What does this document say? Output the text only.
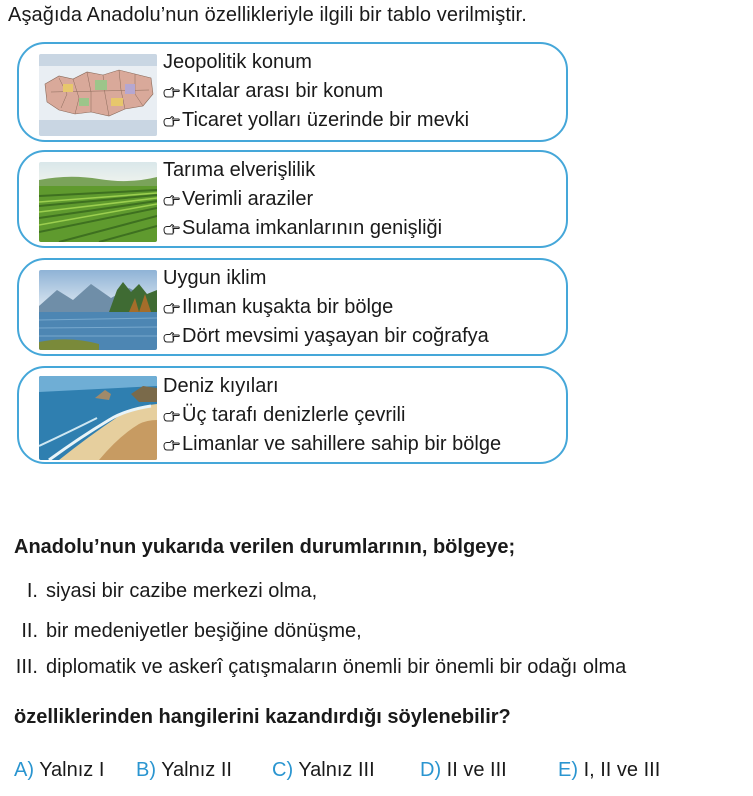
Aşağıda Anadolu’nun özellikleriyle ilgili bir tablo verilmiştir.
Jeopolitik konum
Kıtalar arası bir konum
Ticaret yolları üzerinde bir mevki
Tarıma elverişlilik
Verimli araziler
Sulama imkanlarının genişliği
Uygun iklim
Ilıman kuşakta bir bölge
Dört mevsimi yaşayan bir coğrafya
Deniz kıyıları
Üç tarafı denizlerle çevrili
Limanlar ve sahillere sahip bir bölge
Anadolu’nun yukarıda verilen durumlarının, bölgeye;
I. siyasi bir cazibe merkezi olma,
II. bir medeniyetler beşiğine dönüşme,
III. diplomatik ve askerî çatışmaların önemli bir önemli bir odağı olma
özelliklerinden hangilerini kazandırdığı söylenebilir?
A) Yalnız I B) Yalnız II C) Yalnız III D) II ve III	E) I, II ve III
